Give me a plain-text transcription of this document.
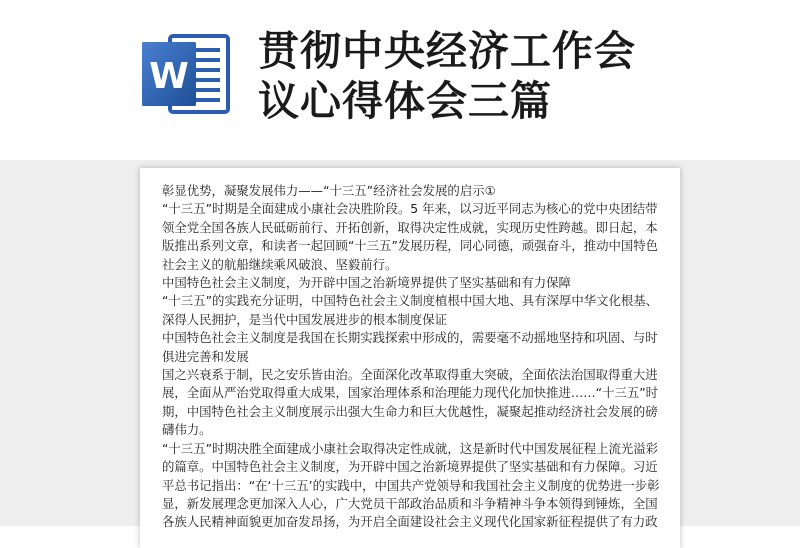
W
贯彻中央经济工作会
议心得体会三篇

彰显优势，凝聚发展伟力——“十三五”经济社会发展的启示①

“十三五”时期是全面建成小康社会决胜阶段。5 年来，以习近平同志为核心的党中央团结带领全党全国各族人民砥砺前行、开拓创新，取得决定性成就，实现历史性跨越。即日起，本版推出系列文章，和读者一起回顾“十三五”发展历程，同心同德，顽强奋斗，推动中国特色社会主义的航船继续乘风破浪、坚毅前行。

中国特色社会主义制度，为开辟中国之治新境界提供了坚实基础和有力保障

“十三五”的实践充分证明，中国特色社会主义制度植根中国大地、具有深厚中华文化根基、深得人民拥护，是当代中国发展进步的根本制度保证

中国特色社会主义制度是我国在长期实践探索中形成的，需要毫不动摇地坚持和巩固、与时俱进完善和发展

国之兴衰系于制，民之安乐皆由治。全面深化改革取得重大突破，全面依法治国取得重大进展，全面从严治党取得重大成果，国家治理体系和治理能力现代化加快推进……“十三五”时期，中国特色社会主义制度展示出强大生命力和巨大优越性，凝聚起推动经济社会发展的磅礴伟力。

“十三五”时期决胜全面建成小康社会取得决定性成就，这是新时代中国发展征程上流光溢彩的篇章。中国特色社会主义制度，为开辟中国之治新境界提供了坚实基础和有力保障。习近平总书记指出：“在‘十三五’的实践中，中国共产党领导和我国社会主义制度的优势进一步彰显，新发展理念更加深入人心，广大党员干部政治品质和斗争精神斗争本领得到锤炼，全国各族人民精神面貌更加奋发昂扬，为开启全面建设社会主义现代化国家新征程提供了有力政
